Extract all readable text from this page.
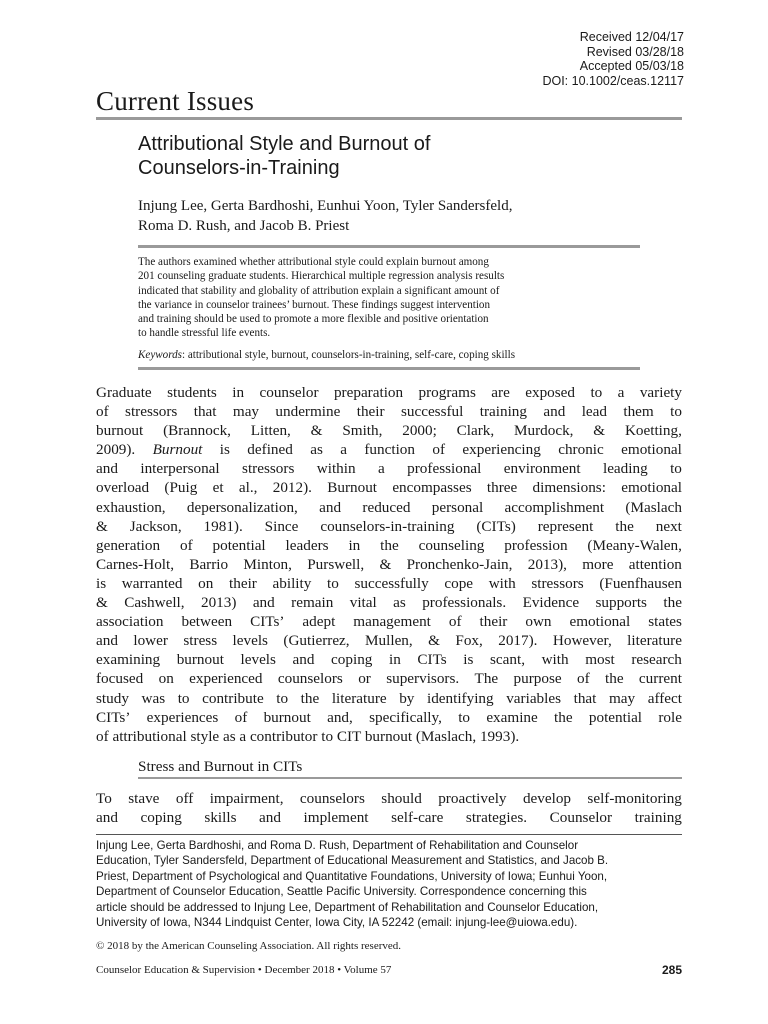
Received 12/04/17
Revised 03/28/18
Accepted 05/03/18
DOI: 10.1002/ceas.12117
Current Issues
Attributional Style and Burnout of
Counselors-in-Training
Injung Lee, Gerta Bardhoshi, Eunhui Yoon, Tyler Sandersfeld,
Roma D. Rush, and Jacob B. Priest
The authors examined whether attributional style could explain burnout among
201 counseling graduate students. Hierarchical multiple regression analysis results
indicated that stability and globality of attribution explain a significant amount of
the variance in counselor trainees’ burnout. These findings suggest intervention
and training should be used to promote a more flexible and positive orientation
to handle stressful life events.
Keywords: attributional style, burnout, counselors-in-training, self-care, coping skills
Graduate students in counselor preparation programs are exposed to a variety
of stressors that may undermine their successful training and lead them to
burnout (Brannock, Litten, & Smith, 2000; Clark, Murdock, & Koetting,
2009). Burnout is defined as a function of experiencing chronic emotional
and interpersonal stressors within a professional environment leading to
overload (Puig et al., 2012). Burnout encompasses three dimensions: emotional
exhaustion, depersonalization, and reduced personal accomplishment (Maslach
& Jackson, 1981). Since counselors-in-training (CITs) represent the next
generation of potential leaders in the counseling profession (Meany-Walen,
Carnes-Holt, Barrio Minton, Purswell, & Pronchenko-Jain, 2013), more attention
is warranted on their ability to successfully cope with stressors (Fuenfhausen
& Cashwell, 2013) and remain vital as professionals. Evidence supports the
association between CITs’ adept management of their own emotional states
and lower stress levels (Gutierrez, Mullen, & Fox, 2017). However, literature
examining burnout levels and coping in CITs is scant, with most research
focused on experienced counselors or supervisors. The purpose of the current
study was to contribute to the literature by identifying variables that may affect
CITs’ experiences of burnout and, specifically, to examine the potential role
of attributional style as a contributor to CIT burnout (Maslach, 1993).
Stress and Burnout in CITs
To stave off impairment, counselors should proactively develop self-monitoring
and coping skills and implement self-care strategies. Counselor training
Injung Lee, Gerta Bardhoshi, and Roma D. Rush, Department of Rehabilitation and Counselor
Education, Tyler Sandersfeld, Department of Educational Measurement and Statistics, and Jacob B.
Priest, Department of Psychological and Quantitative Foundations, University of Iowa; Eunhui Yoon,
Department of Counselor Education, Seattle Pacific University. Correspondence concerning this
article should be addressed to Injung Lee, Department of Rehabilitation and Counselor Education,
University of Iowa, N344 Lindquist Center, Iowa City, IA 52242 (email: injung-lee@uiowa.edu).
© 2018 by the American Counseling Association. All rights reserved.
Counselor Education & Supervision • December 2018 • Volume 57	285
